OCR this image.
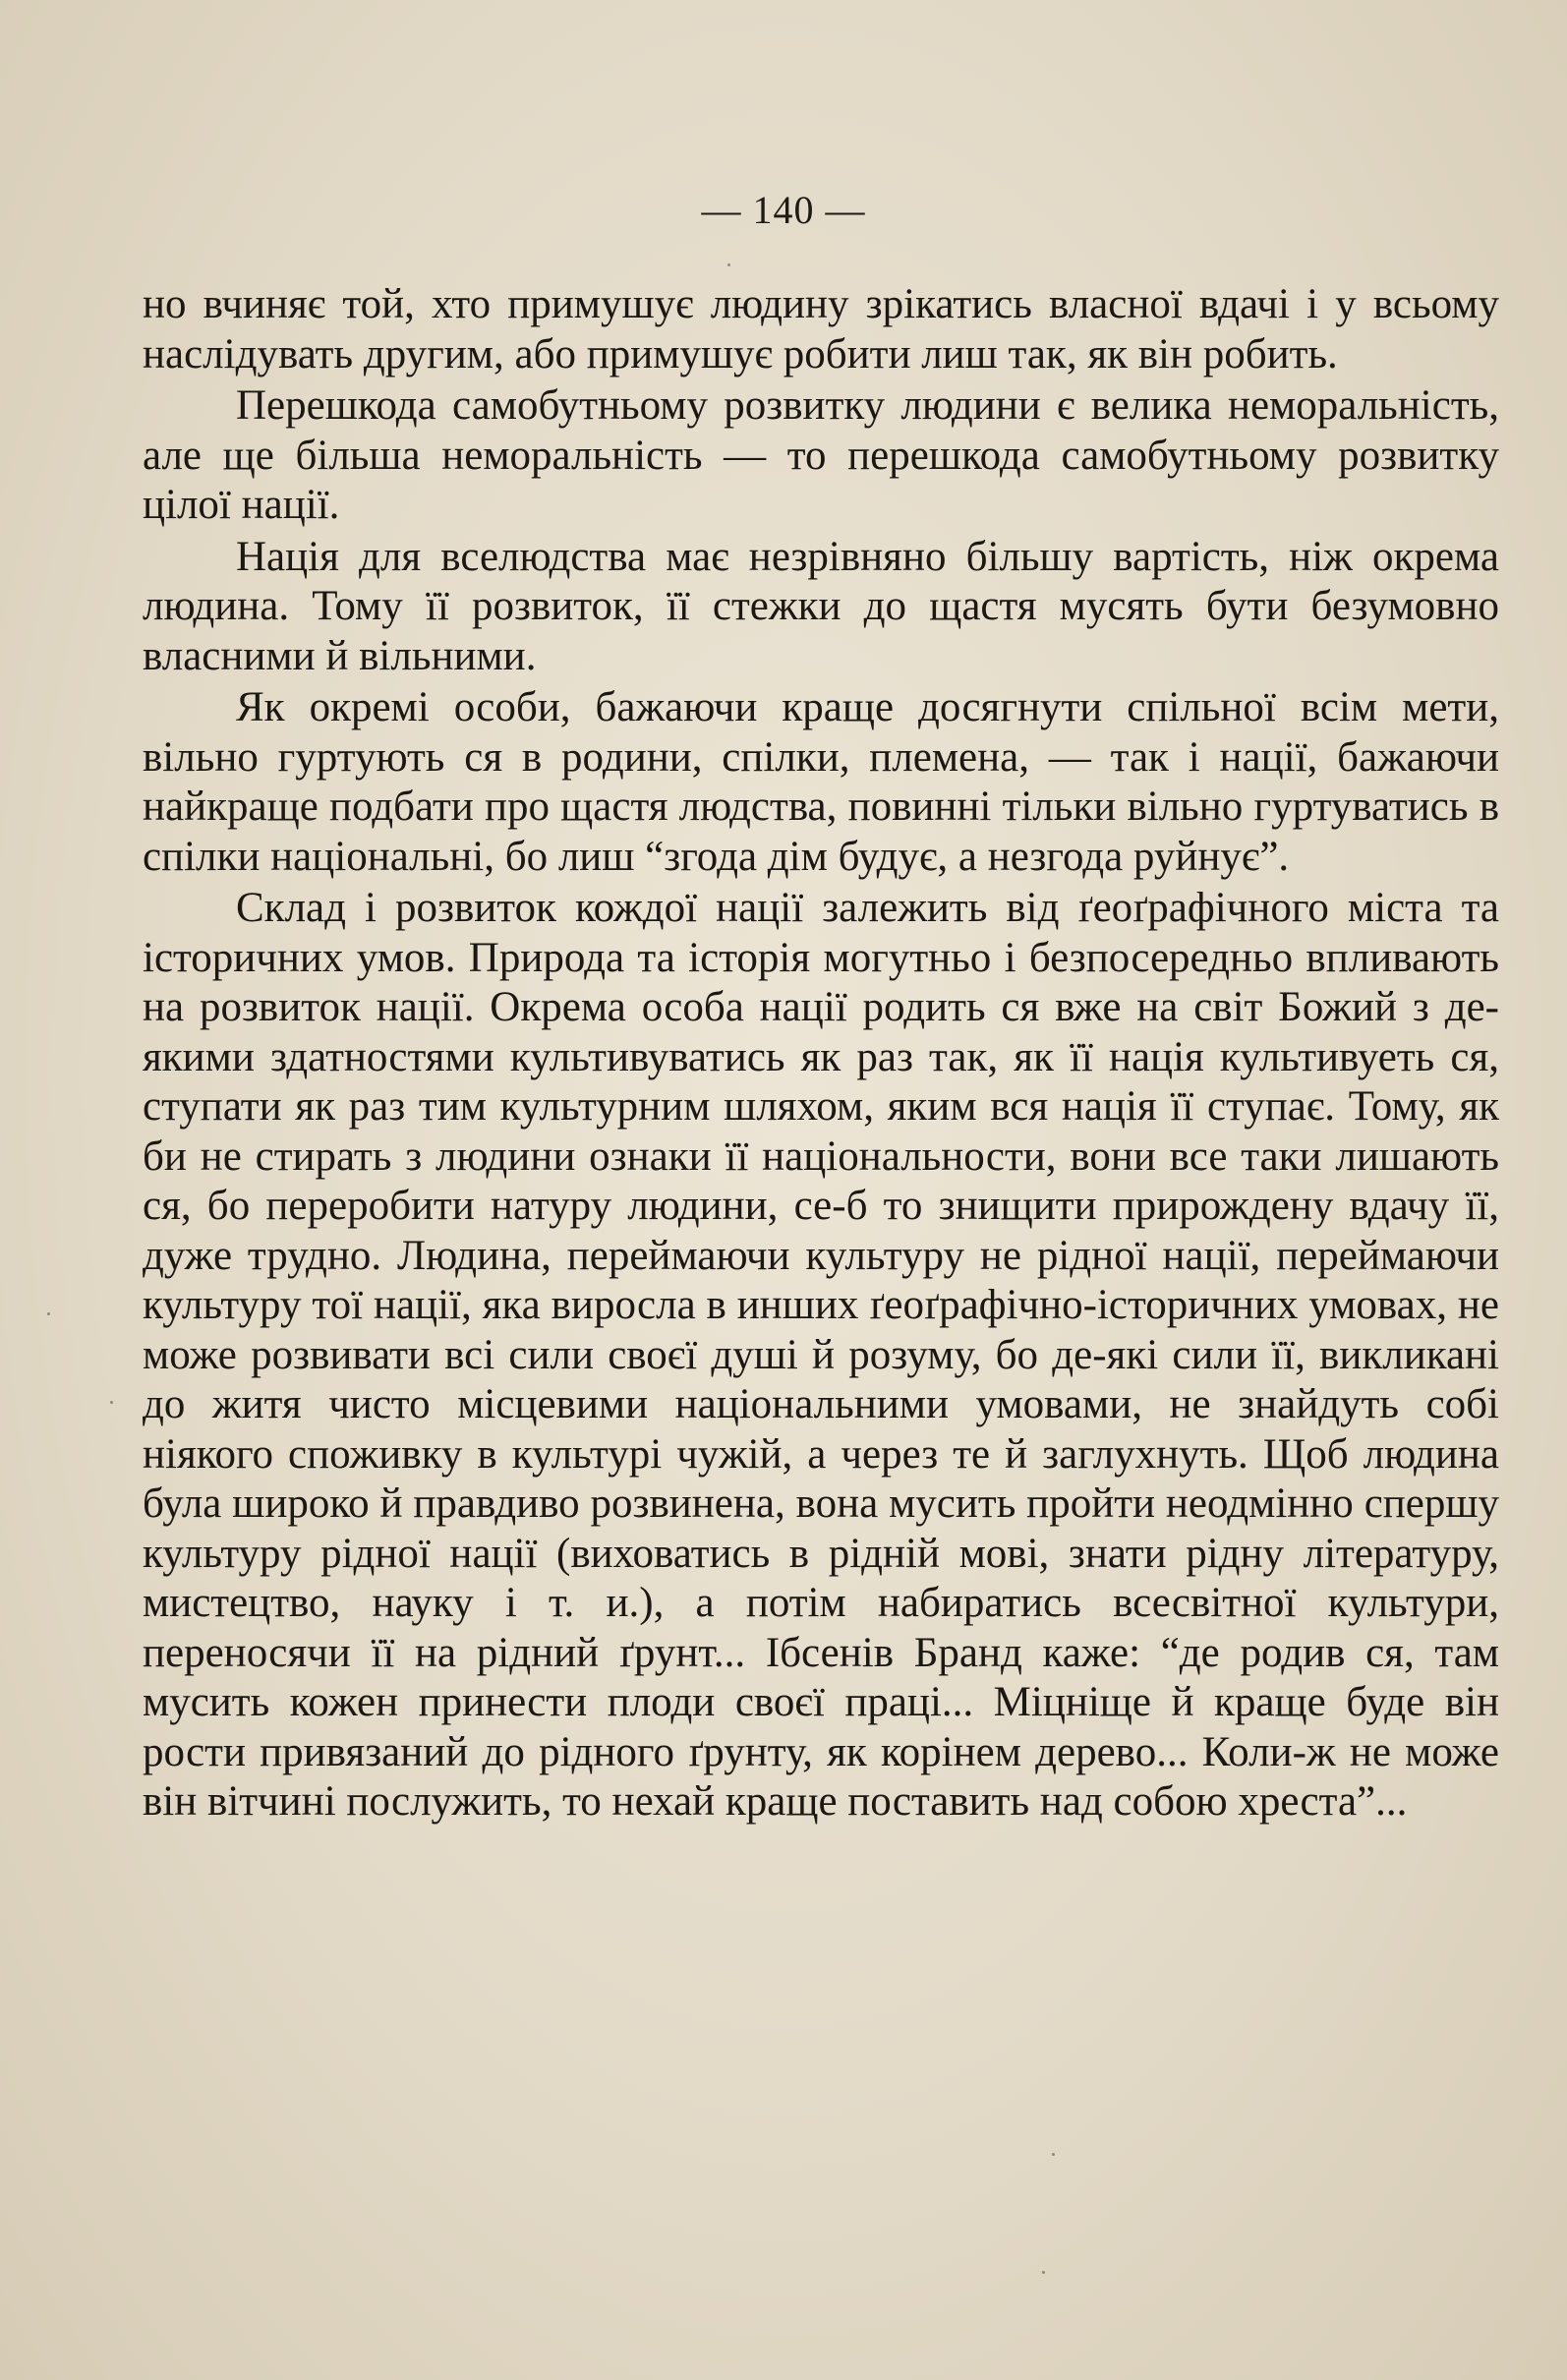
— 140 —

но вчиняє той, хто примушує людину зрікатись власної вдачі і у всьому наслідувать другим, або примушує робити лиш так, як він робить.

Перешкода самобутньому розвитку людини є велика неморальність, але ще більша неморальність — то перешкода самобутньому розвитку цілої нації.

Нація для вселюдства має незрівняно більшу вартість, ніж окрема людина. Тому її розвиток, її стежки до щастя мусять бути безумовно власними й вільними.

Як окремі особи, бажаючи краще досягнути спільної всім мети, вільно гуртують ся в родини, спілки, племена, — так і нації, бажаючи найкраще подбати про щастя людства, повинні тільки вільно гуртуватись в спілки національні, бо лиш “згода дім будує, а незгода руйнує”.

Склад і розвиток кождої нації залежить від ґеоґрафічного міста та історичних умов. Природа та історія могутньо і безпосередньо впливають на розвиток нації. Окрема особа нації родить ся вже на світ Божий з де-якими здатностями культивуватись як раз так, як її нація культивуеть ся, ступати як раз тим культурним шляхом, яким вся нація її ступає. Тому, як би не стирать з людини ознаки її національности, вони все таки лишають ся, бо переробити натуру людини, се-б то знищити прирождену вдачу її, дуже трудно. Людина, переймаючи культуру не рідної нації, переймаючи культуру тої нації, яка виросла в инших ґеоґрафічно-історичних умовах, не може розвивати всі сили своєї душі й розуму, бо де-які сили її, викликані до житя чисто місцевими національними умовами, не знайдуть собі ніякого споживку в культурі чужій, а через те й заглухнуть. Щоб людина була широко й правдиво розвинена, вона мусить пройти неодмінно спершу культуру рідної нації (виховатись в рідній мові, знати рідну літературу, мистецтво, науку і т. и.), а потім набиратись всесвітної культури, переносячи її на рідний ґрунт... Ібсенів Бранд каже: “де родив ся, там мусить кожен принести плоди своєї праці... Міцніще й краще буде він рости привязаний до рідного ґрунту, як корінем дерево... Коли-ж не може він вітчині послужить, то нехай краще поставить над собою хреста”...
